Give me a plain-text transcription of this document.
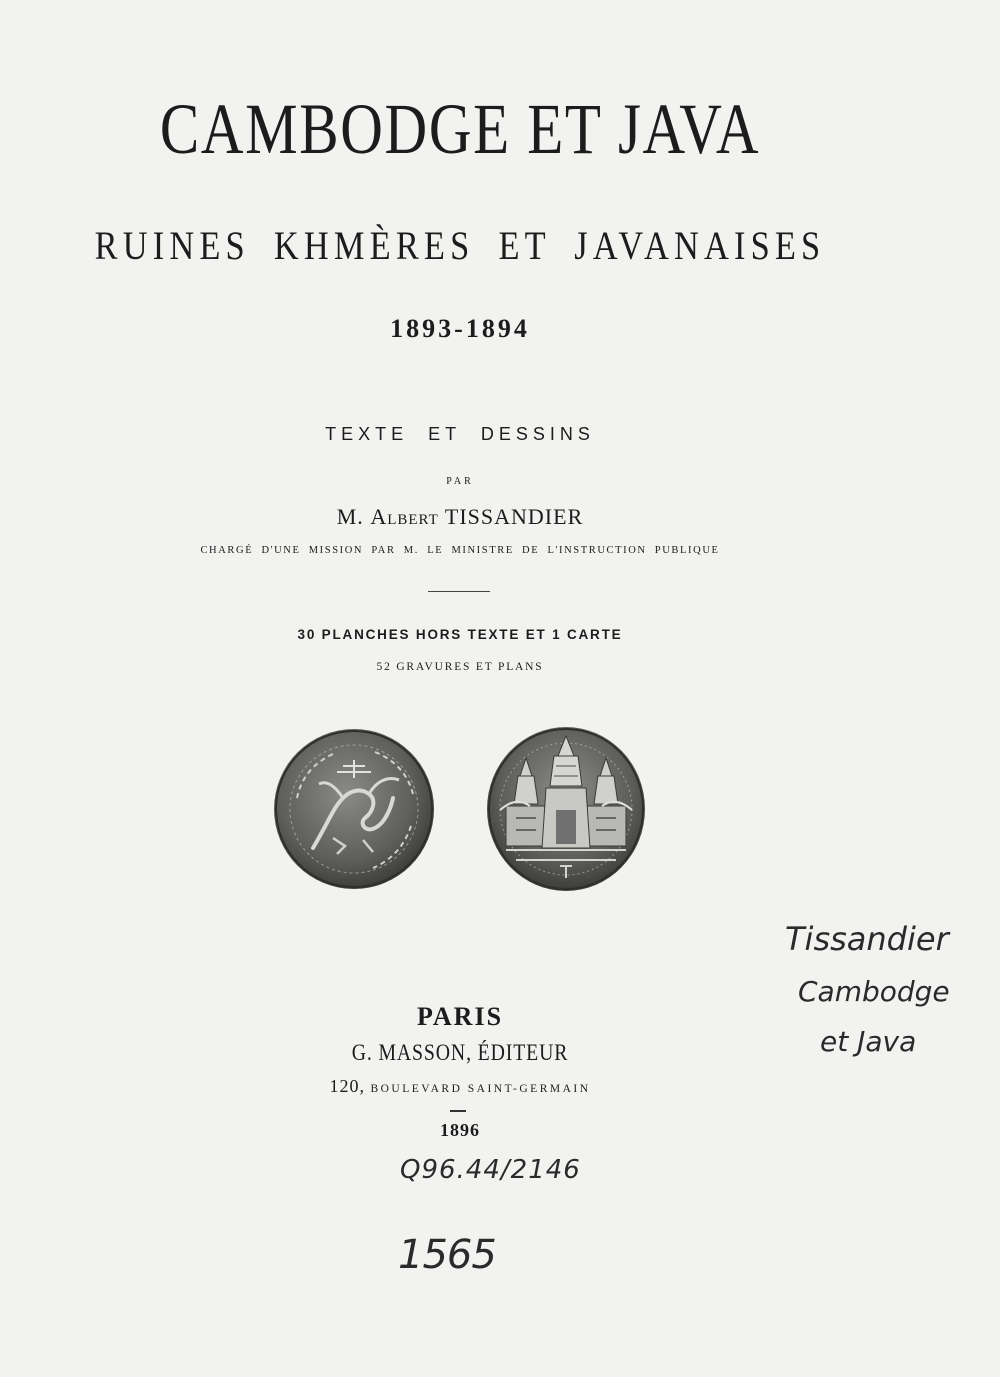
CAMBODGE ET JAVA
RUINES KHMÈRES ET JAVANAISES
1893-1894
TEXTE ET DESSINS
PAR
M. Albert TISSANDIER
CHARGÉ D'UNE MISSION PAR M. LE MINISTRE DE L'INSTRUCTION PUBLIQUE
30 PLANCHES HORS TEXTE ET 1 CARTE
52 GRAVURES ET PLANS
PARIS
G. MASSON, ÉDITEUR
120, BOULEVARD SAINT-GERMAIN
1896
Q96.44/2146
Tissandier
Cambodge
et Java
1565
